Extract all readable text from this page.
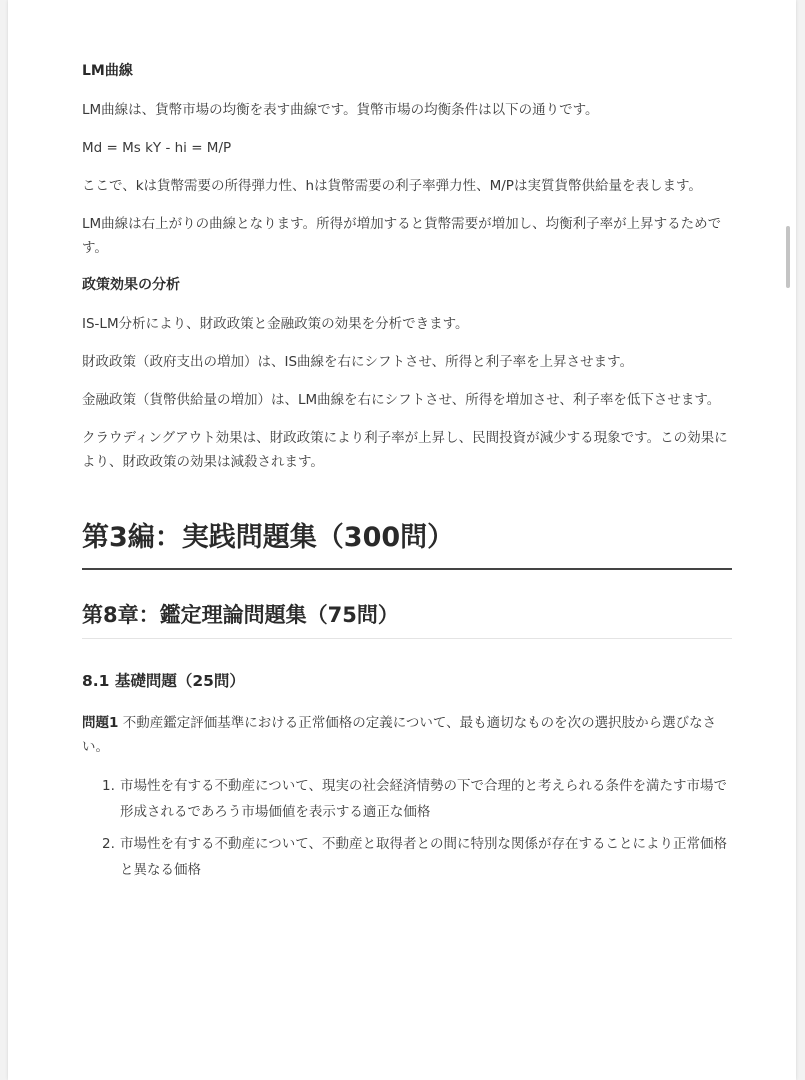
LM曲線

LM曲線は、貨幣市場の均衡を表す曲線です。貨幣市場の均衡条件は以下の通りです。

Md = Ms kY - hi = M/P

ここで、kは貨幣需要の所得弾力性、hは貨幣需要の利子率弾力性、M/Pは実質貨幣供給量を表します。

LM曲線は右上がりの曲線となります。所得が増加すると貨幣需要が増加し、均衡利子率が上昇するためです。

政策効果の分析

IS-LM分析により、財政政策と金融政策の効果を分析できます。

財政政策（政府支出の増加）は、IS曲線を右にシフトさせ、所得と利子率を上昇させます。

金融政策（貨幣供給量の増加）は、LM曲線を右にシフトさせ、所得を増加させ、利子率を低下させます。

クラウディングアウト効果は、財政政策により利子率が上昇し、民間投資が減少する現象です。この効果により、財政政策の効果は減殺されます。

第3編：実践問題集（300問）
第8章：鑑定理論問題集（75問）
8.1 基礎問題（25問）

問題1 不動産鑑定評価基準における正常価格の定義について、最も適切なものを次の選択肢から選びなさい。

1. 市場性を有する不動産について、現実の社会経済情勢の下で合理的と考えられる条件を満たす市場で形成されるであろう市場価値を表示する適正な価格
2. 市場性を有する不動産について、不動産と取得者との間に特別な関係が存在することにより正常価格と異なる価格
